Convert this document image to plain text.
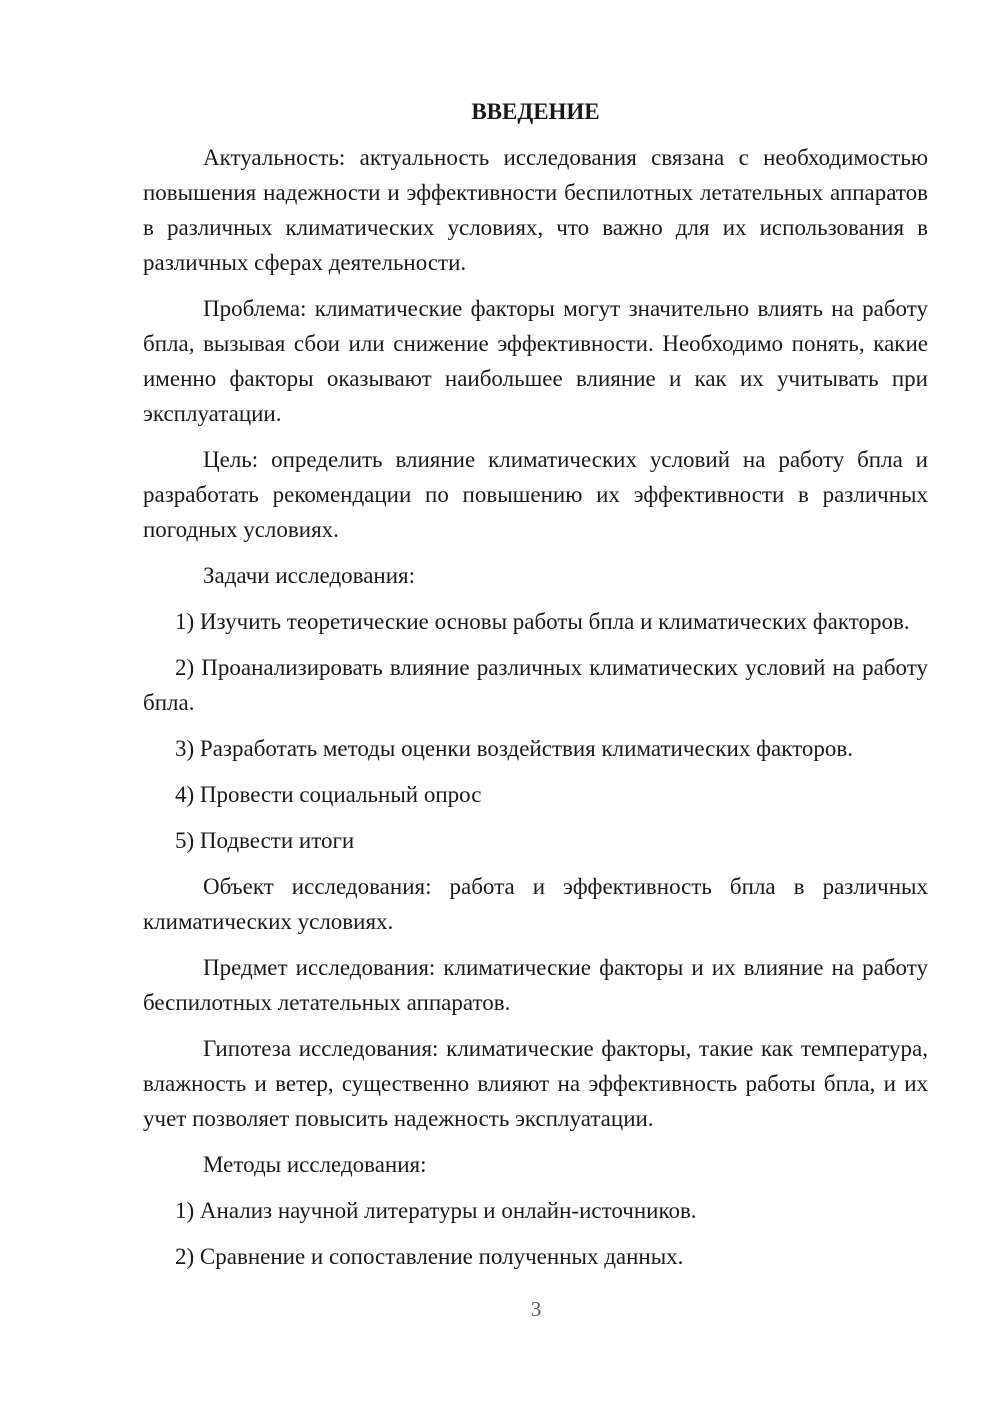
ВВЕДЕНИЕ
Актуальность: актуальность исследования связана с необходимостью повышения надежности и эффективности беспилотных летательных аппаратов в различных климатических условиях, что важно для их использования в различных сферах деятельности.
Проблема: климатические факторы могут значительно влиять на работу бпла, вызывая сбои или снижение эффективности. Необходимо понять, какие именно факторы оказывают наибольшее влияние и как их учитывать при эксплуатации.
Цель: определить влияние климатических условий на работу бпла и разработать рекомендации по повышению их эффективности в различных погодных условиях.
Задачи исследования:
1) Изучить теоретические основы работы бпла и климатических факторов.
2) Проанализировать влияние различных климатических условий на работу бпла.
3) Разработать методы оценки воздействия климатических факторов.
4) Провести социальный опрос
5) Подвести итоги
Объект исследования: работа и эффективность бпла в различных климатических условиях.
Предмет исследования: климатические факторы и их влияние на работу беспилотных летательных аппаратов.
Гипотеза исследования: климатические факторы, такие как температура, влажность и ветер, существенно влияют на эффективность работы бпла, и их учет позволяет повысить надежность эксплуатации.
Методы исследования:
1) Анализ научной литературы и онлайн-источников.
2) Сравнение и сопоставление полученных данных.
3
